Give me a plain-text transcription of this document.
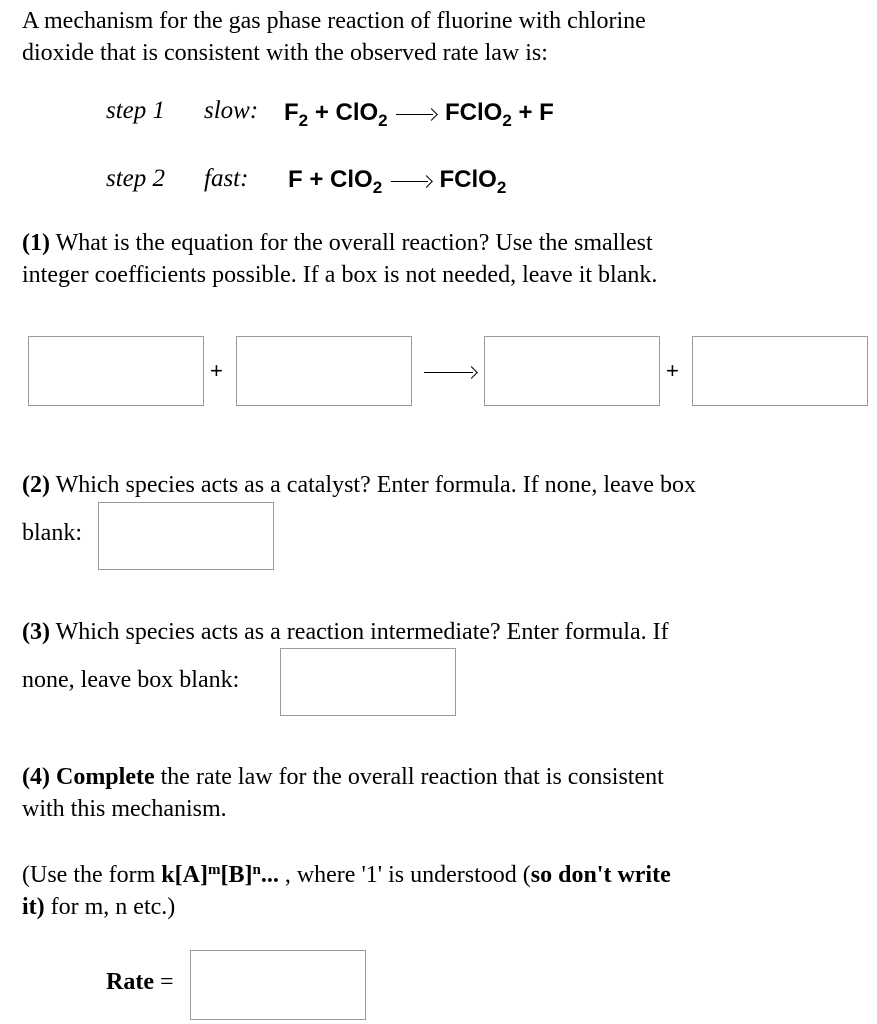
A mechanism for the gas phase reaction of fluorine with chlorine
dioxide that is consistent with the observed rate law is:
step 1 slow: $F_2 + ClO_2$ FClO$_2$ + F
step 2 fast: F + ClO$_2$ FClO$_2$
(1) What is the equation for the overall reaction? Use the smallest
integer coefficients possible. If a box is not needed, leave it blank.
+	+
(2) Which species acts as a catalyst? Enter formula. If none, leave box
blank:
(3) Which species acts as a reaction intermediate? Enter formula. If
none, leave box blank:
(4) Complete the rate law for the overall reaction that is consistent
with this mechanism.
(Use the form $k[A]^m[B]^n$... , where '1' is understood (so don't write
it) for m, n etc.)
Rate =
